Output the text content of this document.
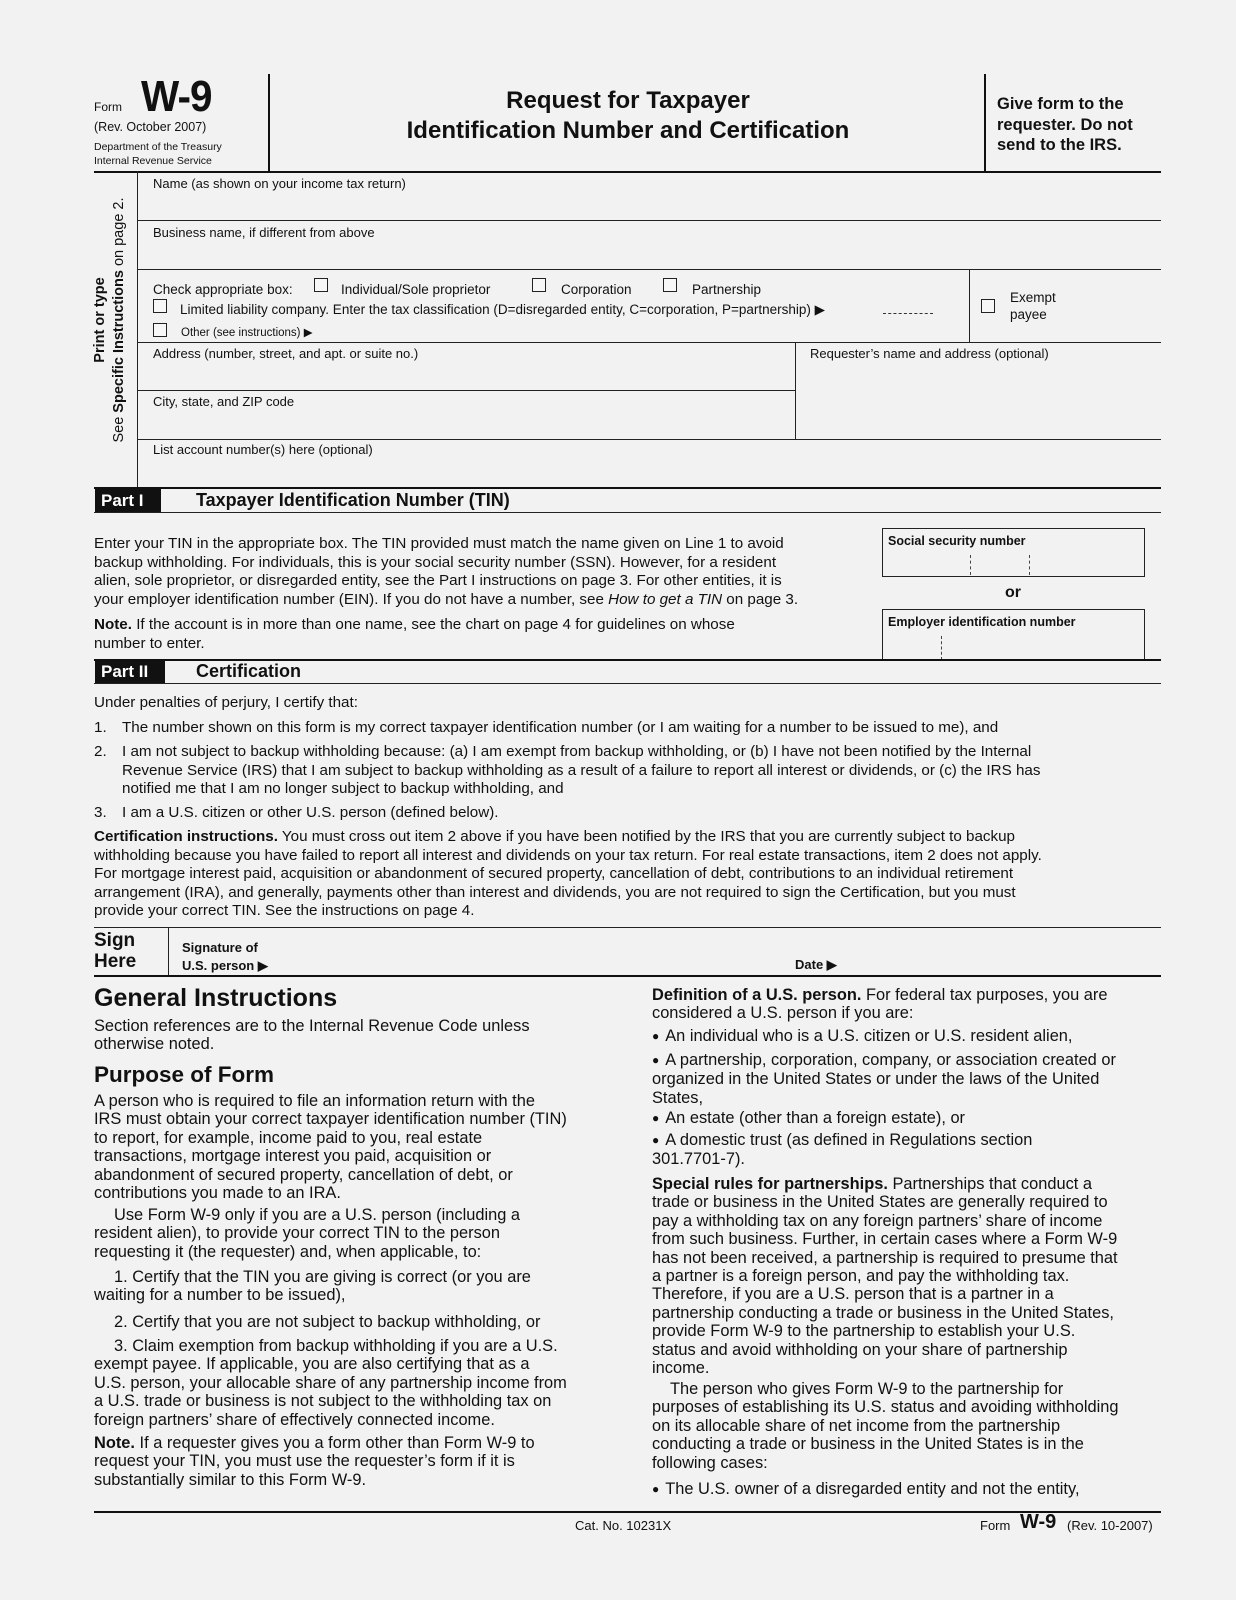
Form W-9
(Rev. October 2007)
Department of the Treasury
Internal Revenue Service
Request for Taxpayer
Identification Number and Certification
Give form to the
requester. Do not
send to the IRS.
Print or type
See Specific Instructions on page 2.
Name (as shown on your income tax return)
Business name, if different from above
Check appropriate box:	Individual/Sole proprietor	Corporation	Partnership
Limited liability company. Enter the tax classification (D=disregarded entity, C=corporation, P=partnership) ▶
Other (see instructions) ▶
Exempt
payee
Address (number, street, and apt. or suite no.)	Requester’s name and address (optional)
City, state, and ZIP code
List account number(s) here (optional)
Part I	Taxpayer Identification Number (TIN)
Enter your TIN in the appropriate box. The TIN provided must match the name given on Line 1 to avoid
backup withholding. For individuals, this is your social security number (SSN). However, for a resident
alien, sole proprietor, or disregarded entity, see the Part I instructions on page 3. For other entities, it is
your employer identification number (EIN). If you do not have a number, see How to get a TIN on page 3.
Note. If the account is in more than one name, see the chart on page 4 for guidelines on whose
number to enter.
Social security number
or
Employer identification number
Part II	Certification
Under penalties of perjury, I certify that:
1. The number shown on this form is my correct taxpayer identification number (or I am waiting for a number to be issued to me), and
2. I am not subject to backup withholding because: (a) I am exempt from backup withholding, or (b) I have not been notified by the Internal
Revenue Service (IRS) that I am subject to backup withholding as a result of a failure to report all interest or dividends, or (c) the IRS has
notified me that I am no longer subject to backup withholding, and
3. I am a U.S. citizen or other U.S. person (defined below).
Certification instructions. You must cross out item 2 above if you have been notified by the IRS that you are currently subject to backup
withholding because you have failed to report all interest and dividends on your tax return. For real estate transactions, item 2 does not apply.
For mortgage interest paid, acquisition or abandonment of secured property, cancellation of debt, contributions to an individual retirement
arrangement (IRA), and generally, payments other than interest and dividends, you are not required to sign the Certification, but you must
provide your correct TIN. See the instructions on page 4.
Sign
Here
Signature of
U.S. person ▶	Date ▶
General Instructions
Section references are to the Internal Revenue Code unless
otherwise noted.
Purpose of Form
A person who is required to file an information return with the
IRS must obtain your correct taxpayer identification number (TIN)
to report, for example, income paid to you, real estate
transactions, mortgage interest you paid, acquisition or
abandonment of secured property, cancellation of debt, or
contributions you made to an IRA.
Use Form W-9 only if you are a U.S. person (including a
resident alien), to provide your correct TIN to the person
requesting it (the requester) and, when applicable, to:
1. Certify that the TIN you are giving is correct (or you are
waiting for a number to be issued),
2. Certify that you are not subject to backup withholding, or
3. Claim exemption from backup withholding if you are a U.S.
exempt payee. If applicable, you are also certifying that as a
U.S. person, your allocable share of any partnership income from
a U.S. trade or business is not subject to the withholding tax on
foreign partners’ share of effectively connected income.
Note. If a requester gives you a form other than Form W-9 to
request your TIN, you must use the requester’s form if it is
substantially similar to this Form W-9.
Definition of a U.S. person. For federal tax purposes, you are
considered a U.S. person if you are:
● An individual who is a U.S. citizen or U.S. resident alien,
● A partnership, corporation, company, or association created or
organized in the United States or under the laws of the United
States,
● An estate (other than a foreign estate), or
● A domestic trust (as defined in Regulations section
301.7701-7).
Special rules for partnerships. Partnerships that conduct a
trade or business in the United States are generally required to
pay a withholding tax on any foreign partners’ share of income
from such business. Further, in certain cases where a Form W-9
has not been received, a partnership is required to presume that
a partner is a foreign person, and pay the withholding tax.
Therefore, if you are a U.S. person that is a partner in a
partnership conducting a trade or business in the United States,
provide Form W-9 to the partnership to establish your U.S.
status and avoid withholding on your share of partnership
income.
The person who gives Form W-9 to the partnership for
purposes of establishing its U.S. status and avoiding withholding
on its allocable share of net income from the partnership
conducting a trade or business in the United States is in the
following cases:
● The U.S. owner of a disregarded entity and not the entity,
Cat. No. 10231X	Form W-9 (Rev. 10-2007)
